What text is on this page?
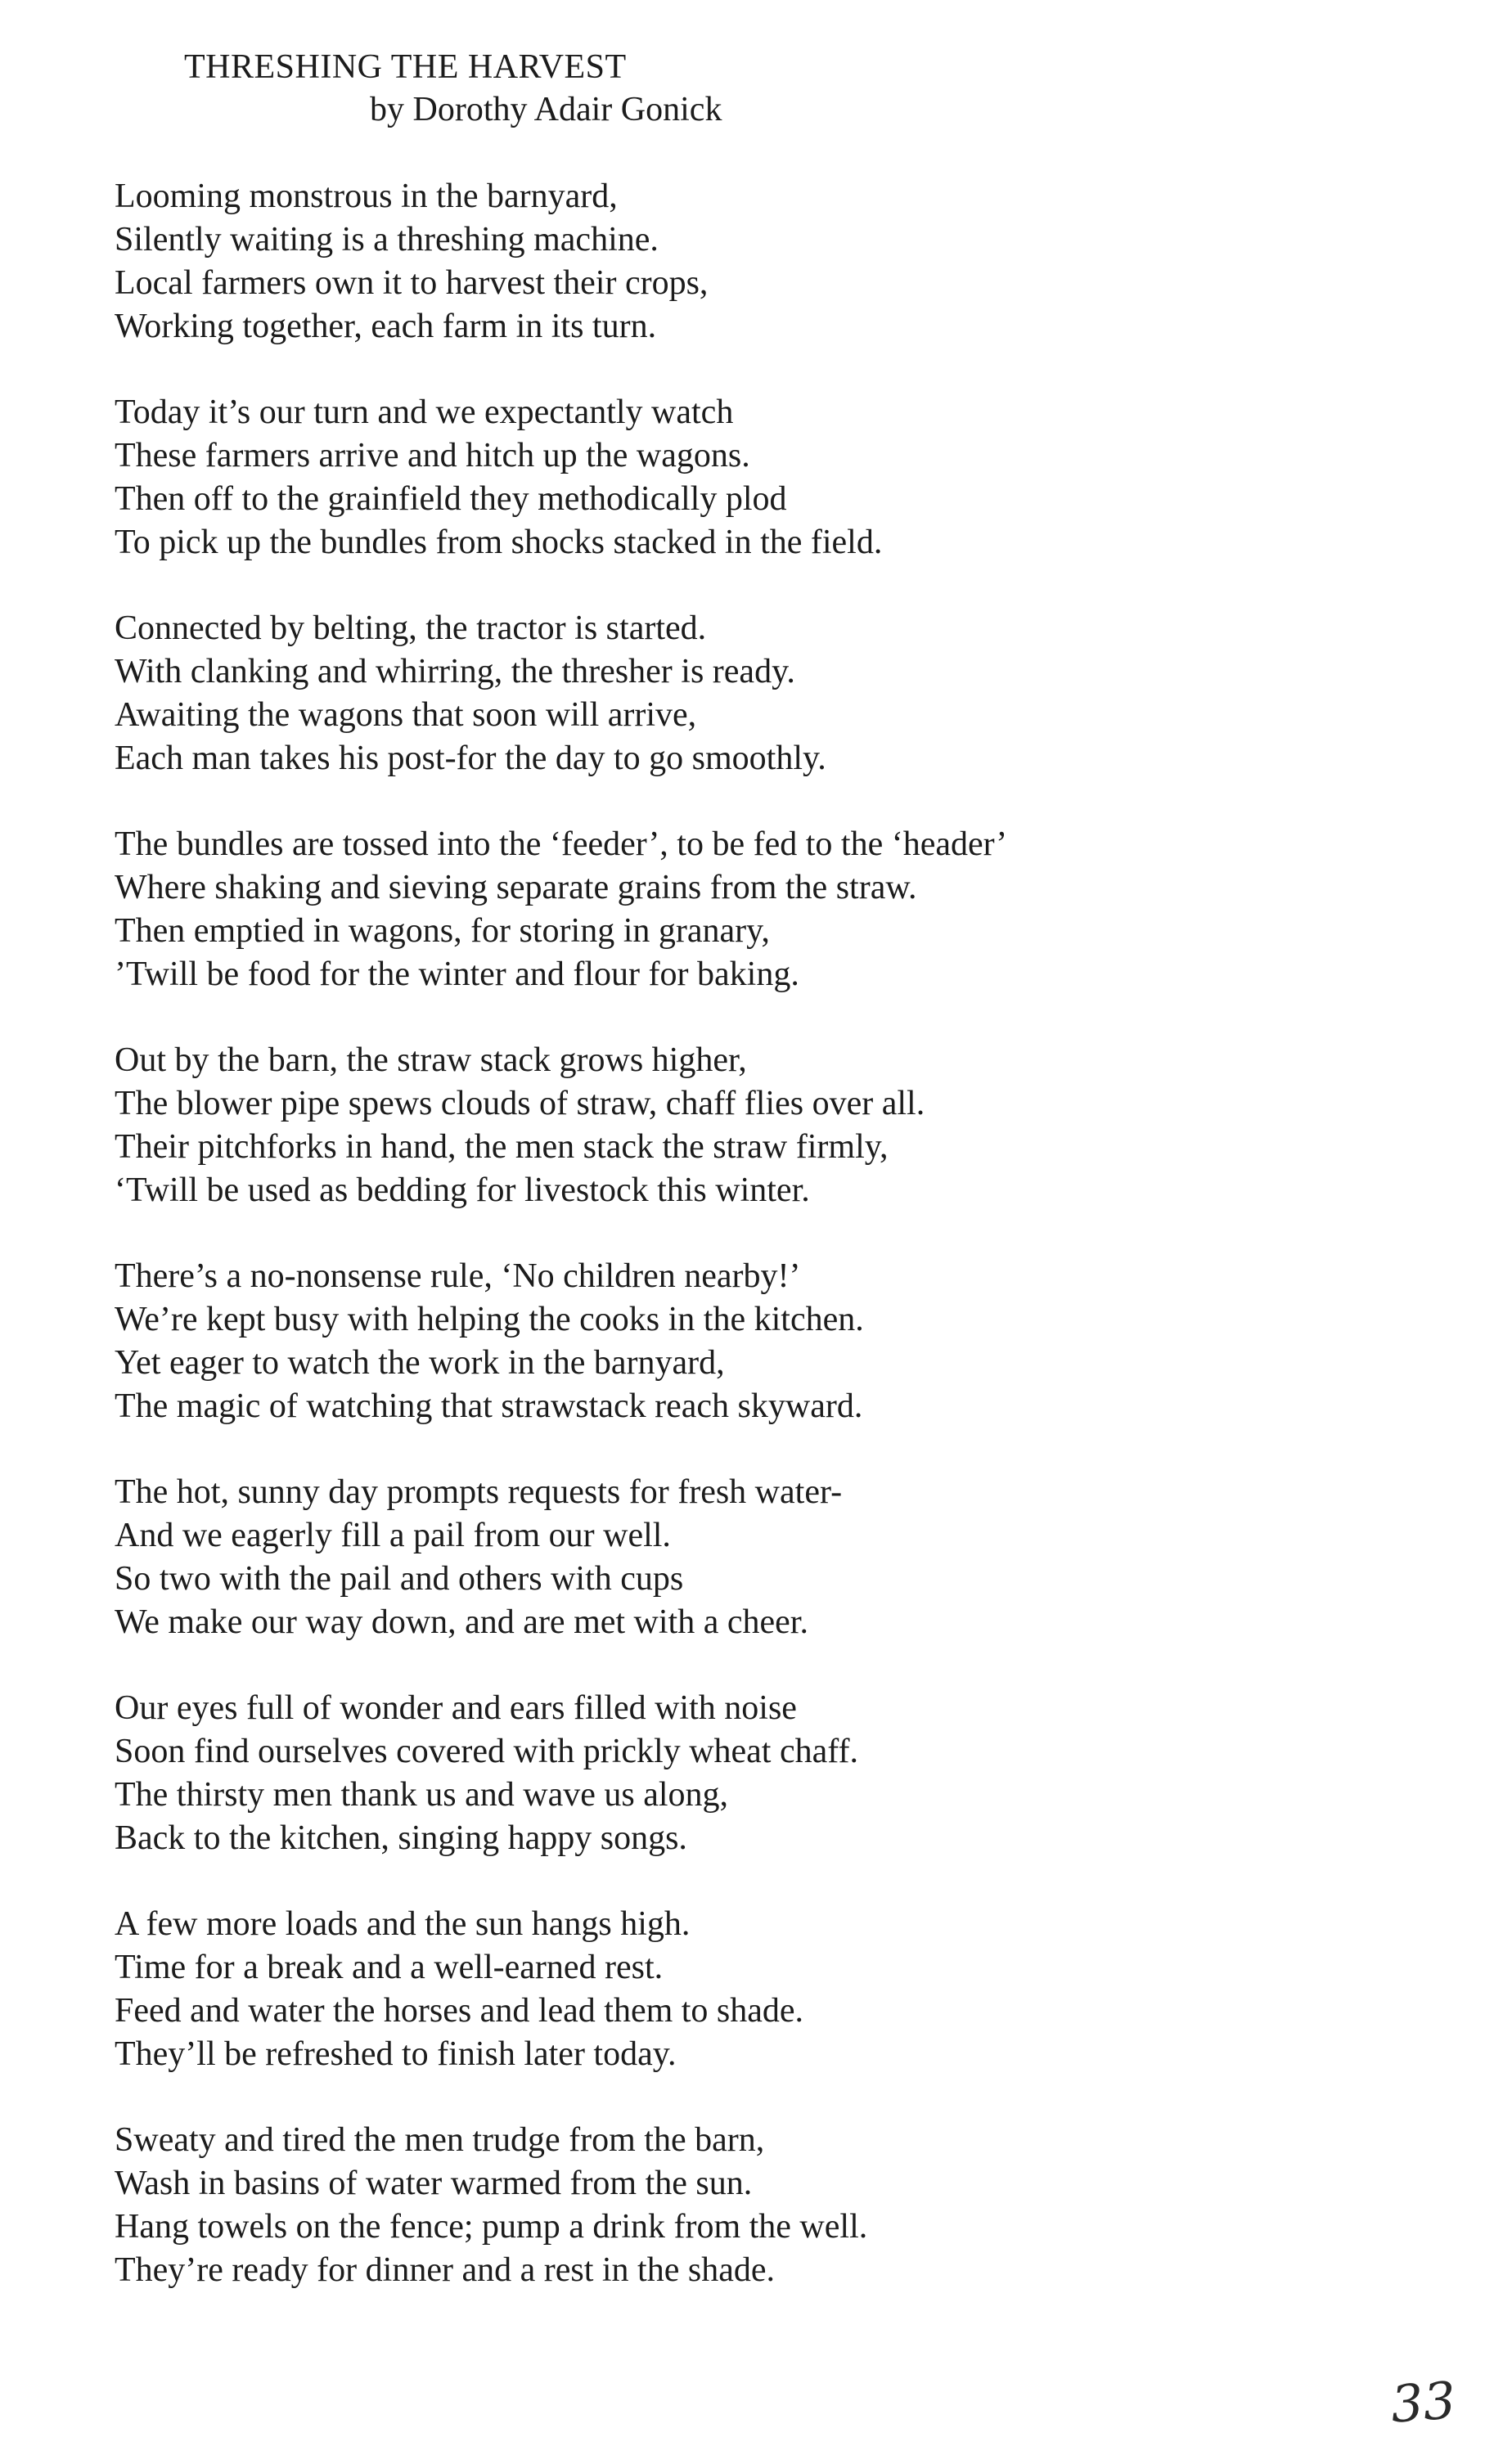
THRESHING THE HARVEST
by Dorothy Adair Gonick
Looming monstrous in the barnyard,
Silently waiting is a threshing machine.
Local farmers own it to harvest their crops,
Working together, each farm in its turn.
Today it’s our turn and we expectantly watch
These farmers arrive and hitch up the wagons.
Then off to the grainfield they methodically plod
To pick up the bundles from shocks stacked in the field.
Connected by belting, the tractor is started.
With clanking and whirring, the thresher is ready.
Awaiting the wagons that soon will arrive,
Each man takes his post-for the day to go smoothly.
The bundles are tossed into the ‘feeder’, to be fed to the ‘header’
Where shaking and sieving separate grains from the straw.
Then emptied in wagons, for storing in granary,
’Twill be food for the winter and flour for baking.
Out by the barn, the straw stack grows higher,
The blower pipe spews clouds of straw, chaff flies over all.
Their pitchforks in hand, the men stack the straw firmly,
‘Twill be used as bedding for livestock this winter.
There’s a no-nonsense rule, ‘No children nearby!’
We’re kept busy with helping the cooks in the kitchen.
Yet eager to watch the work in the barnyard,
The magic of watching that strawstack reach skyward.
The hot, sunny day prompts requests for fresh water-
And we eagerly fill a pail from our well.
So two with the pail and others with cups
We make our way down, and are met with a cheer.
Our eyes full of wonder and ears filled with noise
Soon find ourselves covered with prickly wheat chaff.
The thirsty men thank us and wave us along,
Back to the kitchen, singing happy songs.
A few more loads and the sun hangs high.
Time for a break and a well-earned rest.
Feed and water the horses and lead them to shade.
They’ll be refreshed to finish later today.
Sweaty and tired the men trudge from the barn,
Wash in basins of water warmed from the sun.
Hang towels on the fence; pump a drink from the well.
They’re ready for dinner and a rest in the shade.
33
